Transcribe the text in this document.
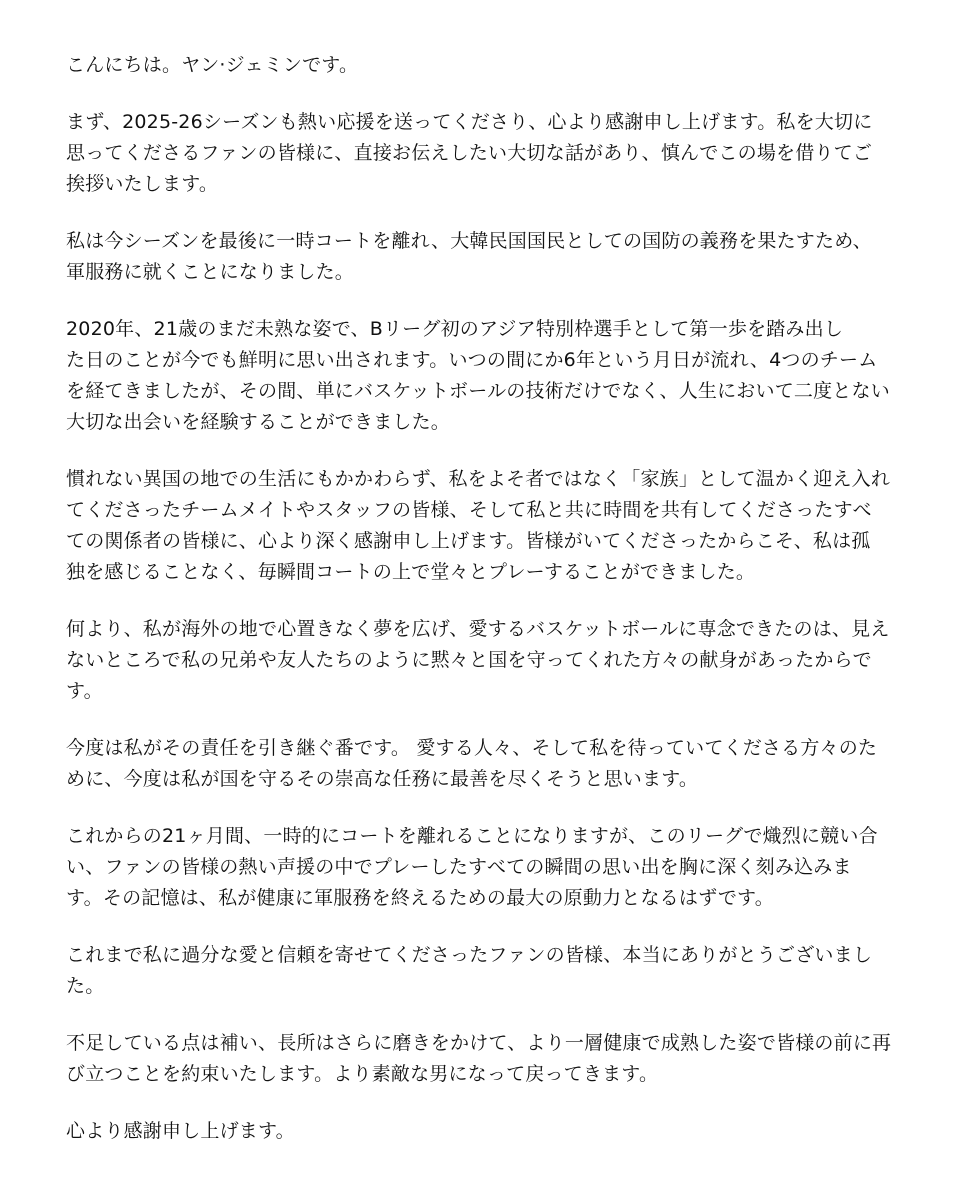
こんにちは。ヤン·ジェミンです。

まず、2025-26シーズンも熱い応援を送ってくださり、心より感謝申し上げます。私を大切に
思ってくださるファンの皆様に、直接お伝えしたい大切な話があり、慎んでこの場を借りてご
挨拶いたします。

私は今シーズンを最後に一時コートを離れ、大韓民国国民としての国防の義務を果たすため、
軍服務に就くことになりました。

2020年、21歳のまだ未熟な姿で、Bリーグ初のアジア特別枠選手として第一歩を踏み出し
た日のことが今でも鮮明に思い出されます。いつの間にか6年という月日が流れ、4つのチーム
を経てきましたが、その間、単にバスケットボールの技術だけでなく、人生において二度とない
大切な出会いを経験することができました。

慣れない異国の地での生活にもかかわらず、私をよそ者ではなく「家族」として温かく迎え入れ
てくださったチームメイトやスタッフの皆様、そして私と共に時間を共有してくださったすべ
ての関係者の皆様に、心より深く感謝申し上げます。皆様がいてくださったからこそ、私は孤
独を感じることなく、毎瞬間コートの上で堂々とプレーすることができました。

何より、私が海外の地で心置きなく夢を広げ、愛するバスケットボールに専念できたのは、見え
ないところで私の兄弟や友人たちのように黙々と国を守ってくれた方々の献身があったからで
す。

今度は私がその責任を引き継ぐ番です。 愛する人々、そして私を待っていてくださる方々のた
めに、今度は私が国を守るその崇高な任務に最善を尽くそうと思います。

これからの21ヶ月間、一時的にコートを離れることになりますが、このリーグで熾烈に競い合
い、ファンの皆様の熱い声援の中でプレーしたすべての瞬間の思い出を胸に深く刻み込みま
す。その記憶は、私が健康に軍服務を終えるための最大の原動力となるはずです。

これまで私に過分な愛と信頼を寄せてくださったファンの皆様、本当にありがとうございまし
た。

不足している点は補い、長所はさらに磨きをかけて、より一層健康で成熟した姿で皆様の前に再
び立つことを約束いたします。より素敵な男になって戻ってきます。

心より感謝申し上げます。
